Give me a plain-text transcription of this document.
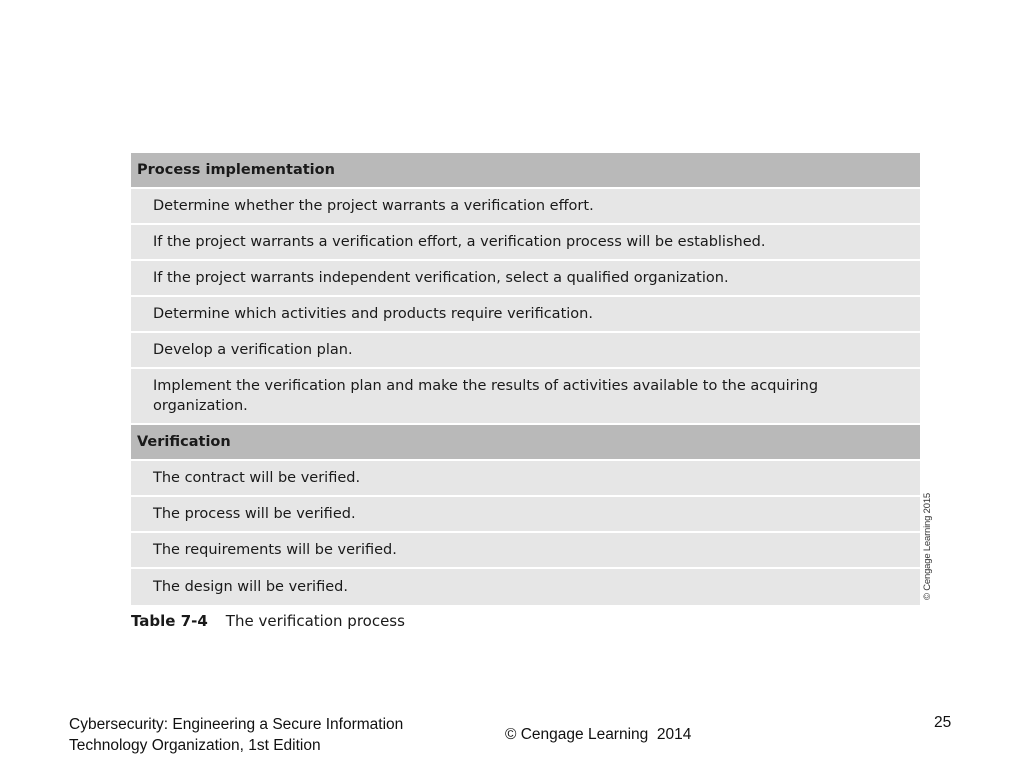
Process implementation
Determine whether the project warrants a verification effort.
If the project warrants a verification effort, a verification process will be established.
If the project warrants independent verification, select a qualified organization.
Determine which activities and products require verification.
Develop a verification plan.
Implement the verification plan and make the results of activities available to the acquiring organization.
Verification
The contract will be verified.
The process will be verified.
The requirements will be verified.
The design will be verified.	© Cengage Learning 2015
Table 7-4 The verification process
Cybersecurity: Engineering a Secure Information Technology Organization, 1st Edition
© Cengage Learning  2014
25
